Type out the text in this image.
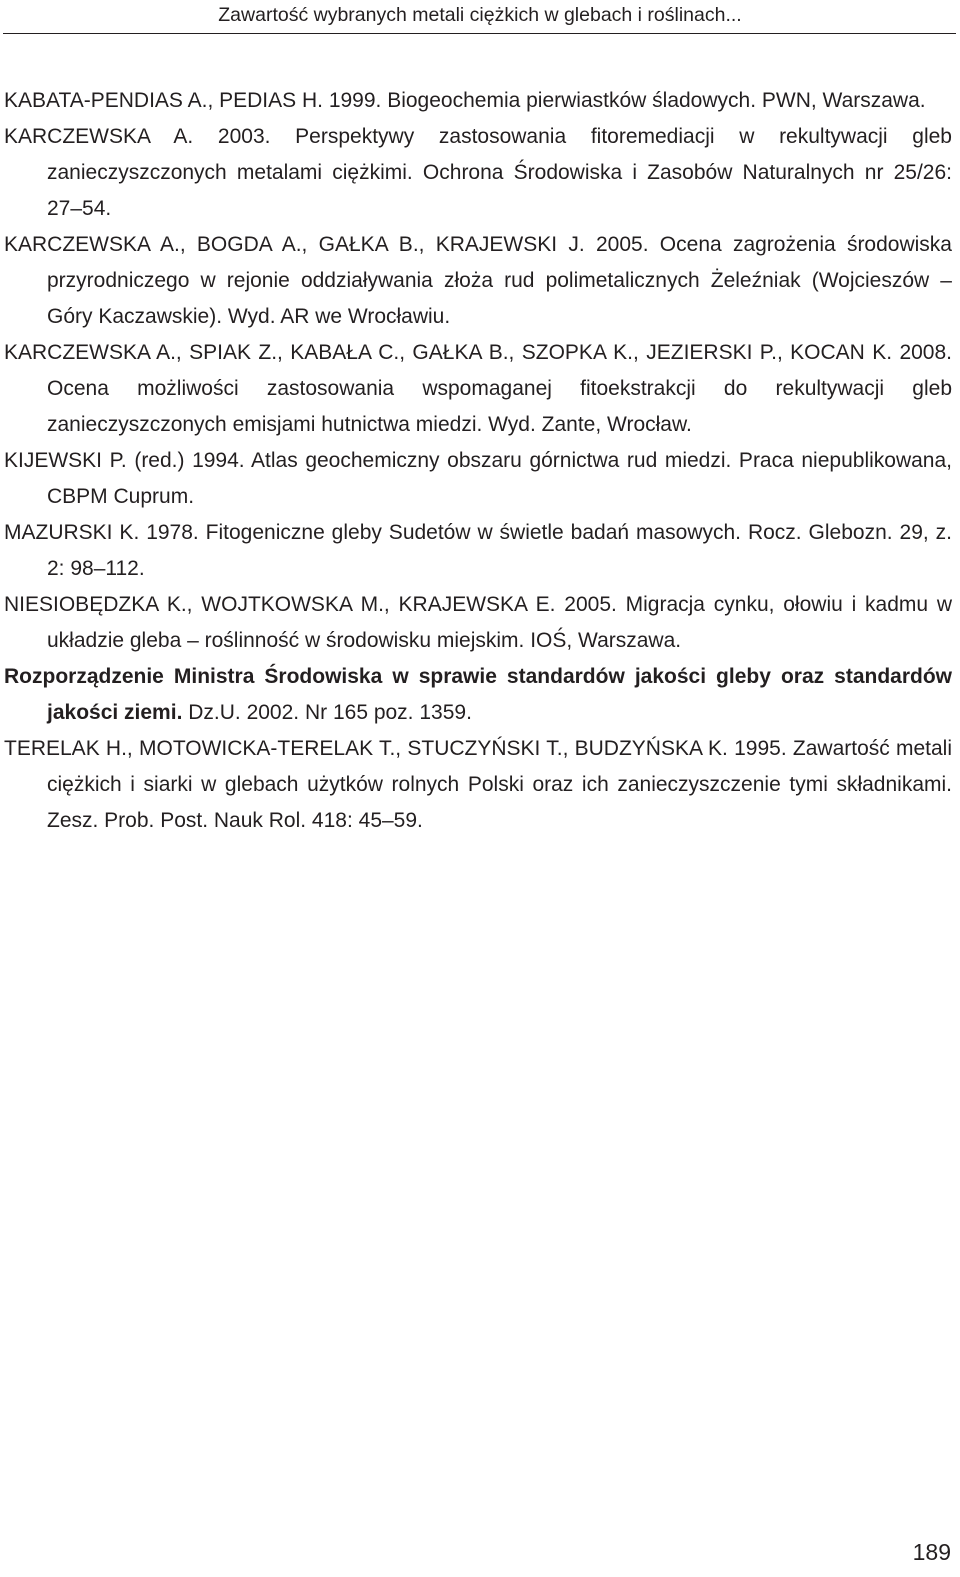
Zawartość wybranych metali ciężkich w glebach i roślinach...
KABATA-PENDIAS A., PEDIAS H. 1999. Biogeochemia pierwiastków śladowych. PWN, Warszawa.
KARCZEWSKA A. 2003. Perspektywy zastosowania fitoremediacji w rekultywacji gleb zanieczyszczonych metalami ciężkimi. Ochrona Środowiska i Zasobów Naturalnych nr 25/26: 27–54.
KARCZEWSKA A., BOGDA A., GAŁKA B., KRAJEWSKI J. 2005. Ocena zagrożenia środowiska przyrodniczego w rejonie oddziaływania złoża rud polimetalicznych Żeleźniak (Wojcieszów – Góry Kaczawskie). Wyd. AR we Wrocławiu.
KARCZEWSKA A., SPIAK Z., KABAŁA C., GAŁKA B., SZOPKA K., JEZIERSKI P., KOCAN K. 2008. Ocena możliwości zastosowania wspomaganej fitoekstrakcji do rekultywacji gleb zanieczyszczonych emisjami hutnictwa miedzi. Wyd. Zante, Wrocław.
KIJEWSKI P. (red.) 1994. Atlas geochemiczny obszaru górnictwa rud miedzi. Praca niepublikowana, CBPM Cuprum.
MAZURSKI K. 1978. Fitogeniczne gleby Sudetów w świetle badań masowych. Rocz. Glebozn. 29, z. 2: 98–112.
NIESIOBĘDZKA K., WOJTKOWSKA M., KRAJEWSKA E. 2005. Migracja cynku, ołowiu i kadmu w układzie gleba – roślinność w środowisku miejskim. IOŚ, Warszawa.
Rozporządzenie Ministra Środowiska w sprawie standardów jakości gleby oraz standardów jakości ziemi. Dz.U. 2002. Nr 165 poz. 1359.
TERELAK H., MOTOWICKA-TERELAK T., STUCZYŃSKI T., BUDZYŃSKA K. 1995. Zawartość metali ciężkich i siarki w glebach użytków rolnych Polski oraz ich zanieczyszczenie tymi składnikami. Zesz. Prob. Post. Nauk Rol. 418: 45–59.
189
